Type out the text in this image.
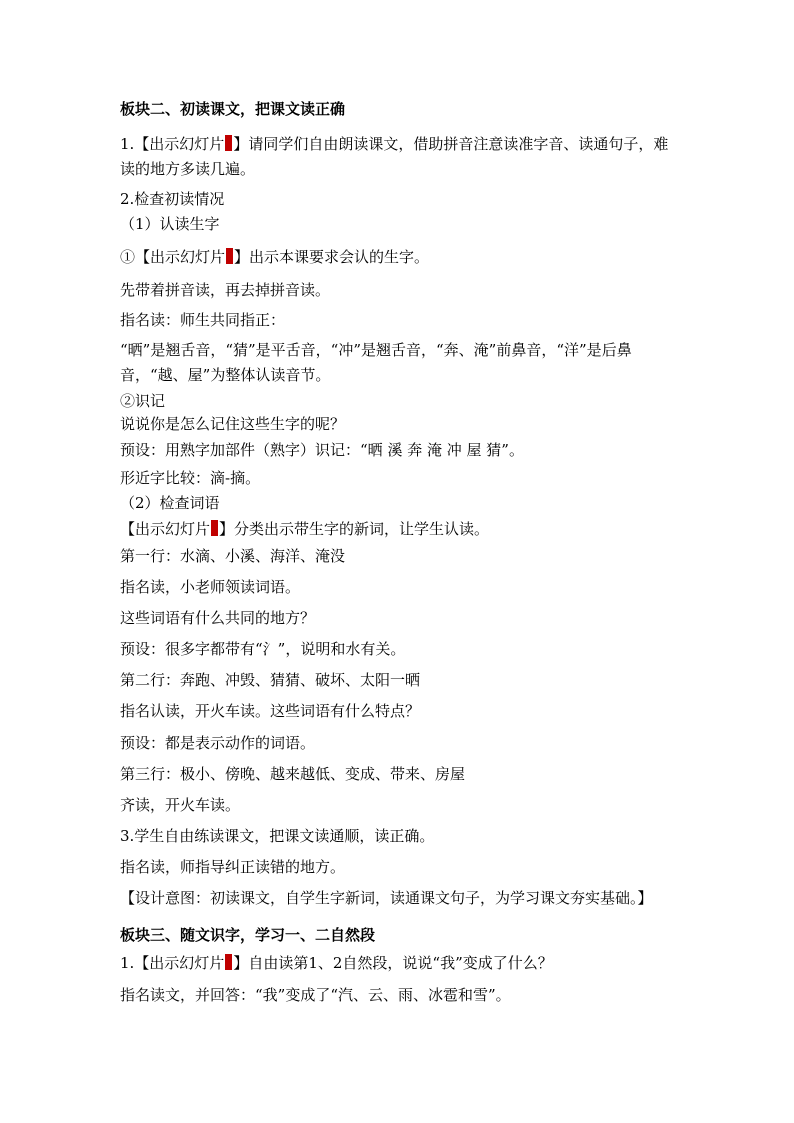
板块二、初读课文，把课文读正确
1.【出示幻灯片 】请同学们自由朗读课文，借助拼音注意读准字音、读通句子，难读的地方多读几遍。
2.检查初读情况
（1）认读生字
①【出示幻灯片 】出示本课要求会认的生字。
先带着拼音读，再去掉拼音读。
指名读：师生共同指正：
“晒”是翘舌音，“猜”是平舌音，“冲”是翘舌音，“奔、淹”前鼻音，“洋”是后鼻音，“越、屋”为整体认读音节。
②识记
说说你是怎么记住这些生字的呢？
预设：用熟字加部件（熟字）识记：“晒 溪 奔 淹 冲 屋 猜”。
形近字比较：滴-摘。
（2）检查词语
【出示幻灯片 】分类出示带生字的新词，让学生认读。
第一行：水滴、小溪、海洋、淹没
指名读，小老师领读词语。
这些词语有什么共同的地方？
预设：很多字都带有“氵”，说明和水有关。
第二行：奔跑、冲毁、猜猜、破坏、太阳一晒
指名认读，开火车读。这些词语有什么特点？
预设：都是表示动作的词语。
第三行：极小、傍晚、越来越低、变成、带来、房屋
齐读，开火车读。
3.学生自由练读课文，把课文读通顺，读正确。
指名读，师指导纠正读错的地方。
【设计意图：初读课文，自学生字新词，读通课文句子，为学习课文夯实基础。】
板块三、随文识字，学习一、二自然段
1.【出示幻灯片 】自由读第1、2自然段，说说“我”变成了什么？
指名读文，并回答：“我”变成了“汽、云、雨、冰雹和雪”。
